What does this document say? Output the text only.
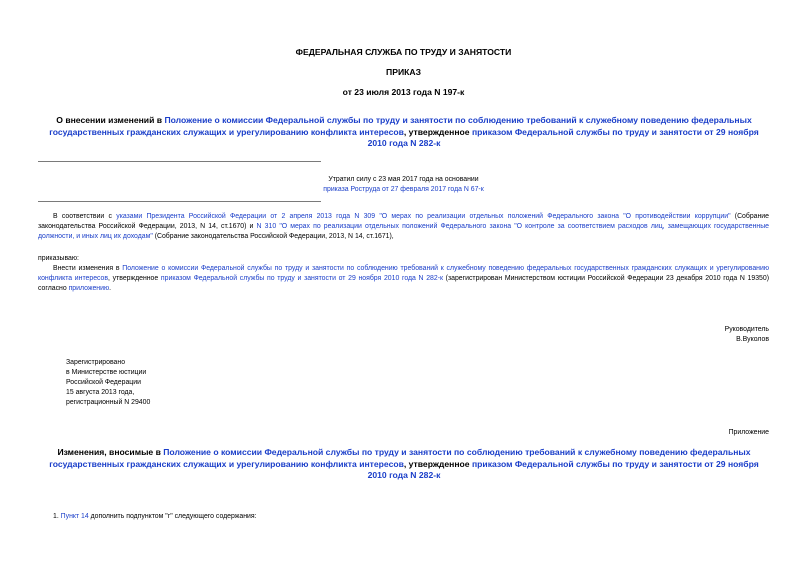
ФЕДЕРАЛЬНАЯ СЛУЖБА ПО ТРУДУ И ЗАНЯТОСТИ
ПРИКАЗ
от 23 июля 2013 года N 197-к
О внесении изменений в Положение о комиссии Федеральной службы по труду и занятости по соблюдению требований к служебному поведению федеральных государственных гражданских служащих и урегулированию конфликта интересов, утвержденное приказом Федеральной службы по труду и занятости от 29 ноября 2010 года N 282-к
Утратил силу с 23 мая 2017 года на основании
приказа Роструда от 27 февраля 2017 года N 67-к
В соответствии с указами Президента Российской Федерации от 2 апреля 2013 года N 309 "О мерах по реализации отдельных положений Федерального закона "О противодействии коррупции" (Собрание законодательства Российской Федерации, 2013, N 14, ст.1670) и N 310 "О мерах по реализации отдельных положений Федерального закона "О контроле за соответствием расходов лиц, замещающих государственные должности, и иных лиц их доходам" (Собрание законодательства Российской Федерации, 2013, N 14, ст.1671),
приказываю:
Внести изменения в Положение о комиссии Федеральной службы по труду и занятости по соблюдению требований к служебному поведению федеральных государственных гражданских служащих и урегулированию конфликта интересов, утвержденное приказом Федеральной службы по труду и занятости от 29 ноября 2010 года N 282-к (зарегистрирован Министерством юстиции Российской Федерации 23 декабря 2010 года N 19350) согласно приложению.
Руководитель
В.Вуколов
Зарегистрировано
в Министерстве юстиции
Российской Федерации
15 августа 2013 года,
регистрационный N 29400
Приложение
Изменения, вносимые в Положение о комиссии Федеральной службы по труду и занятости по соблюдению требований к служебному поведению федеральных государственных гражданских служащих и урегулированию конфликта интересов, утвержденное приказом Федеральной службы по труду и занятости от 29 ноября 2010 года N 282-к
1. Пункт 14 дополнить подпунктом "г" следующего содержания:
